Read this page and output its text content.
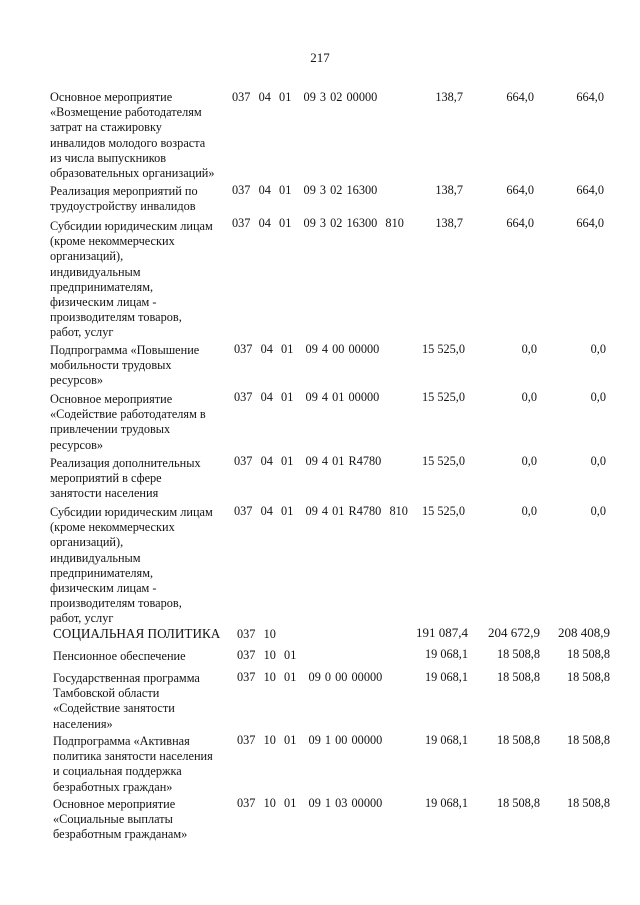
217
Основное мероприятие
«Возмещение работодателям
затрат на стажировку
инвалидов молодого возраста
из числа выпускников
образовательных организаций»
037  04  01   09 3 02 00000	138,7	664,0	664,0
Реализация мероприятий по
трудоустройству инвалидов
037  04  01   09 3 02 16300	138,7	664,0	664,0
Субсидии юридическим лицам
(кроме некоммерческих
организаций),
индивидуальным
предпринимателям,
физическим лицам -
производителям товаров,
работ, услуг
037  04  01   09 3 02 16300  810	138,7	664,0	664,0
Подпрограмма «Повышение
мобильности трудовых
ресурсов»
037  04  01   09 4 00 00000	15 525,0	0,0	0,0
Основное мероприятие
«Содействие работодателям в
привлечении трудовых
ресурсов»
037  04  01   09 4 01 00000	15 525,0	0,0	0,0
Реализация дополнительных
мероприятий в сфере
занятости населения
037  04  01   09 4 01 R4780	15 525,0	0,0	0,0
Субсидии юридическим лицам
(кроме некоммерческих
организаций),
индивидуальным
предпринимателям,
физическим лицам -
производителям товаров,
работ, услуг
037  04  01   09 4 01 R4780  810	15 525,0	0,0	0,0
СОЦИАЛЬНАЯ ПОЛИТИКА	037  10	191 087,4	204 672,9	208 408,9
Пенсионное обеспечение	037  10  01	19 068,1	18 508,8	18 508,8
Государственная программа
Тамбовской области
«Содействие занятости
населения»
037  10  01   09 0 00 00000	19 068,1	18 508,8	18 508,8
Подпрограмма «Активная
политика занятости населения
и социальная поддержка
безработных граждан»
037  10  01   09 1 00 00000	19 068,1	18 508,8	18 508,8
Основное мероприятие
«Социальные выплаты
безработным гражданам»
037  10  01   09 1 03 00000	19 068,1	18 508,8	18 508,8
